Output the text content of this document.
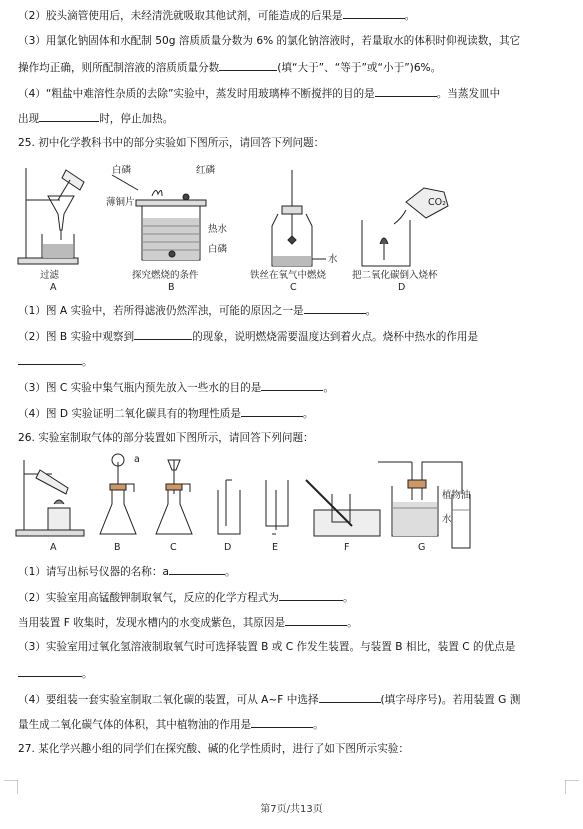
（2）胶头滴管使用后，未经清洗就吸取其他试剂，可能造成的后果是	。
（3）用氯化钠固体和水配制 50g 溶质质量分数为 6% 的氯化钠溶液时，若量取水的体积时仰视读数，其它
操作均正确，则所配制溶液的溶质质量分数	(填“大于”、“等于”或“小于”)6%。
（4）“粗盐中难溶性杂质的去除”实验中，蒸发时用玻璃棒不断搅拌的目的是	。当蒸发皿中
出现	时，停止加热。
25. 初中化学教科书中的部分实验如下图所示，请回答下列问题：
白磷	红磷
薄铜片
热水
白磷
水
CO₂
过滤
A
探究燃烧的条件
B
铁丝在氧气中燃烧
C
把二氧化碳倒入烧杯
D
（1）图 A 实验中，若所得滤液仍然浑浊，可能的原因之一是	。
（2）图 B 实验中观察到	的现象，说明燃烧需要温度达到着火点。烧杯中热水的作用是
。
（3）图 C 实验中集气瓶内预先放入一些水的目的是	。
（4）图 D 实验证明二氧化碳具有的物理性质是	。
26. 实验室制取气体的部分装置如下图所示，请回答下列问题：
a
植物油
水
A	B	C	D	E	F	G
（1）请写出标号仪器的名称：a	。
（2）实验室用高锰酸钾制取氧气，反应的化学方程式为	。
当用装置 F 收集时，发现水槽内的水变成紫色，其原因是	。
（3）实验室用过氧化氢溶液制取氧气时可选择装置 B 或 C 作发生装置。与装置 B 相比，装置 C 的优点是
。
（4）要组装一套实验室制取二氧化碳的装置，可从 A~F 中选择	(填字母序号)。若用装置 G 测
量生成二氧化碳气体的体积，其中植物油的作用是	。
27. 某化学兴趣小组的同学们在探究酸、碱的化学性质时，进行了如下图所示实验：
第7页/共13页
